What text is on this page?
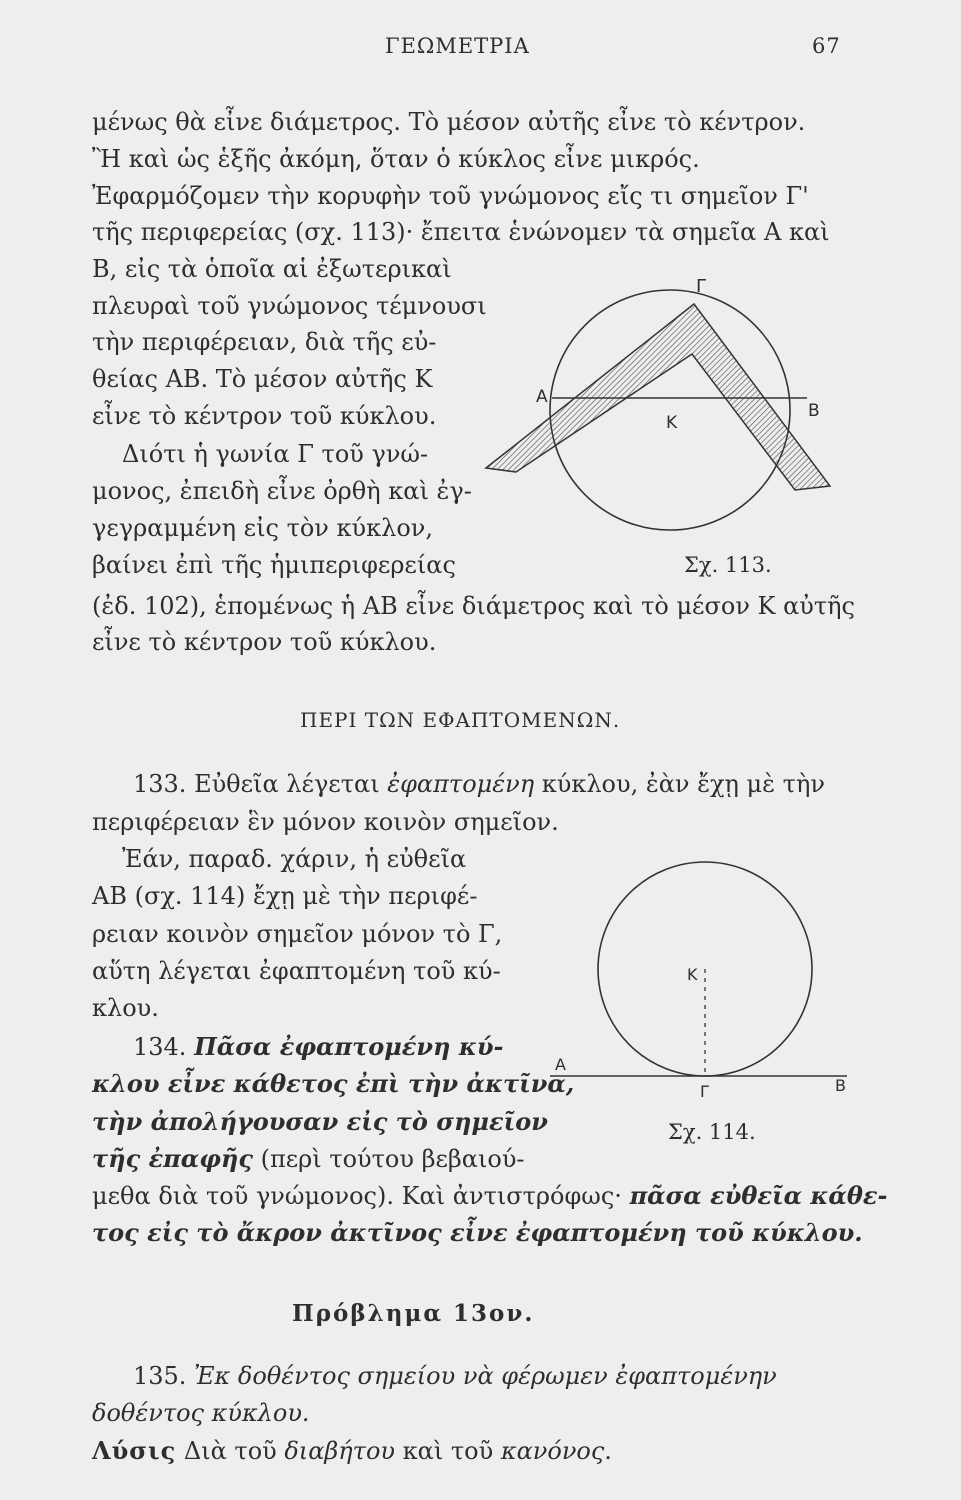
ΓΕΩΜΕΤΡΙΑ	67
μένως θὰ εἶνε διάμετρος. Τὸ μέσον αὐτῆς εἶνε τὸ κέντρον.
Ἢ καὶ ὡς ἑξῆς ἀκόμη, ὅταν ὁ κύκλος εἶνε μικρός.
Ἐφαρμόζομεν τὴν κορυφὴν τοῦ γνώμονος εἴς τι σημεῖον Γ'
τῆς περιφερείας (σχ. 113)· ἔπειτα ἑνώνομεν τὰ σημεῖα Α καὶ
Β, εἰς τὰ ὁποῖα αἱ ἐξωτερικαὶ
πλευραὶ τοῦ γνώμονος τέμνουσι
τὴν περιφέρειαν, διὰ τῆς εὐ-
θείας ΑΒ. Τὸ μέσον αὐτῆς Κ
εἶνε τὸ κέντρον τοῦ κύκλου.
Διότι ἡ γωνία Γ τοῦ γνώ-
μονος, ἐπειδὴ εἶνε ὀρθὴ καὶ ἐγ-
γεγραμμένη εἰς τὸν κύκλον,
βαίνει ἐπὶ τῆς ἡμιπεριφερείας
(ἐδ. 102), ἑπομένως ἡ ΑΒ εἶνε διάμετρος καὶ τὸ μέσον Κ αὐτῆς
εἶνε τὸ κέντρον τοῦ κύκλου.
Γ
Α
Β
Κ
Σχ. 113.
ΠΕΡΙ ΤΩΝ ΕΦΑΠΤΟΜΕΝΩΝ.
133. Εὐθεῖα λέγεται ἐφαπτομένη κύκλου, ἐὰν ἔχῃ μὲ τὴν
περιφέρειαν ἓν μόνον κοινὸν σημεῖον.
Ἐάν, παραδ. χάριν, ἡ εὐθεῖα
ΑΒ (σχ. 114) ἔχῃ μὲ τὴν περιφέ-
ρειαν κοινὸν σημεῖον μόνον τὸ Γ,
αὕτη λέγεται ἐφαπτομένη τοῦ κύ-
κλου.
134. Πᾶσα ἐφαπτομένη κύ-
κλου εἶνε κάθετος ἐπὶ τὴν ἀκτῖνα,
τὴν ἀπολήγουσαν εἰς τὸ σημεῖον
τῆς ἐπαφῆς (περὶ τούτου βεβαιού-
μεθα διὰ τοῦ γνώμονος). Καὶ ἀντιστρόφως· πᾶσα εὐθεῖα κάθε-
τος εἰς τὸ ἄκρον ἀκτῖνος εἶνε ἐφαπτομένη τοῦ κύκλου.
Κ
Α
Β
Γ
Σχ. 114.
Πρόβλημα 13ον.
135. Ἐκ δοθέντος σημείου νὰ φέρωμεν ἐφαπτομένην
δοθέντος κύκλου.
Λύσις Διὰ τοῦ διαβήτου καὶ τοῦ κανόνος.
